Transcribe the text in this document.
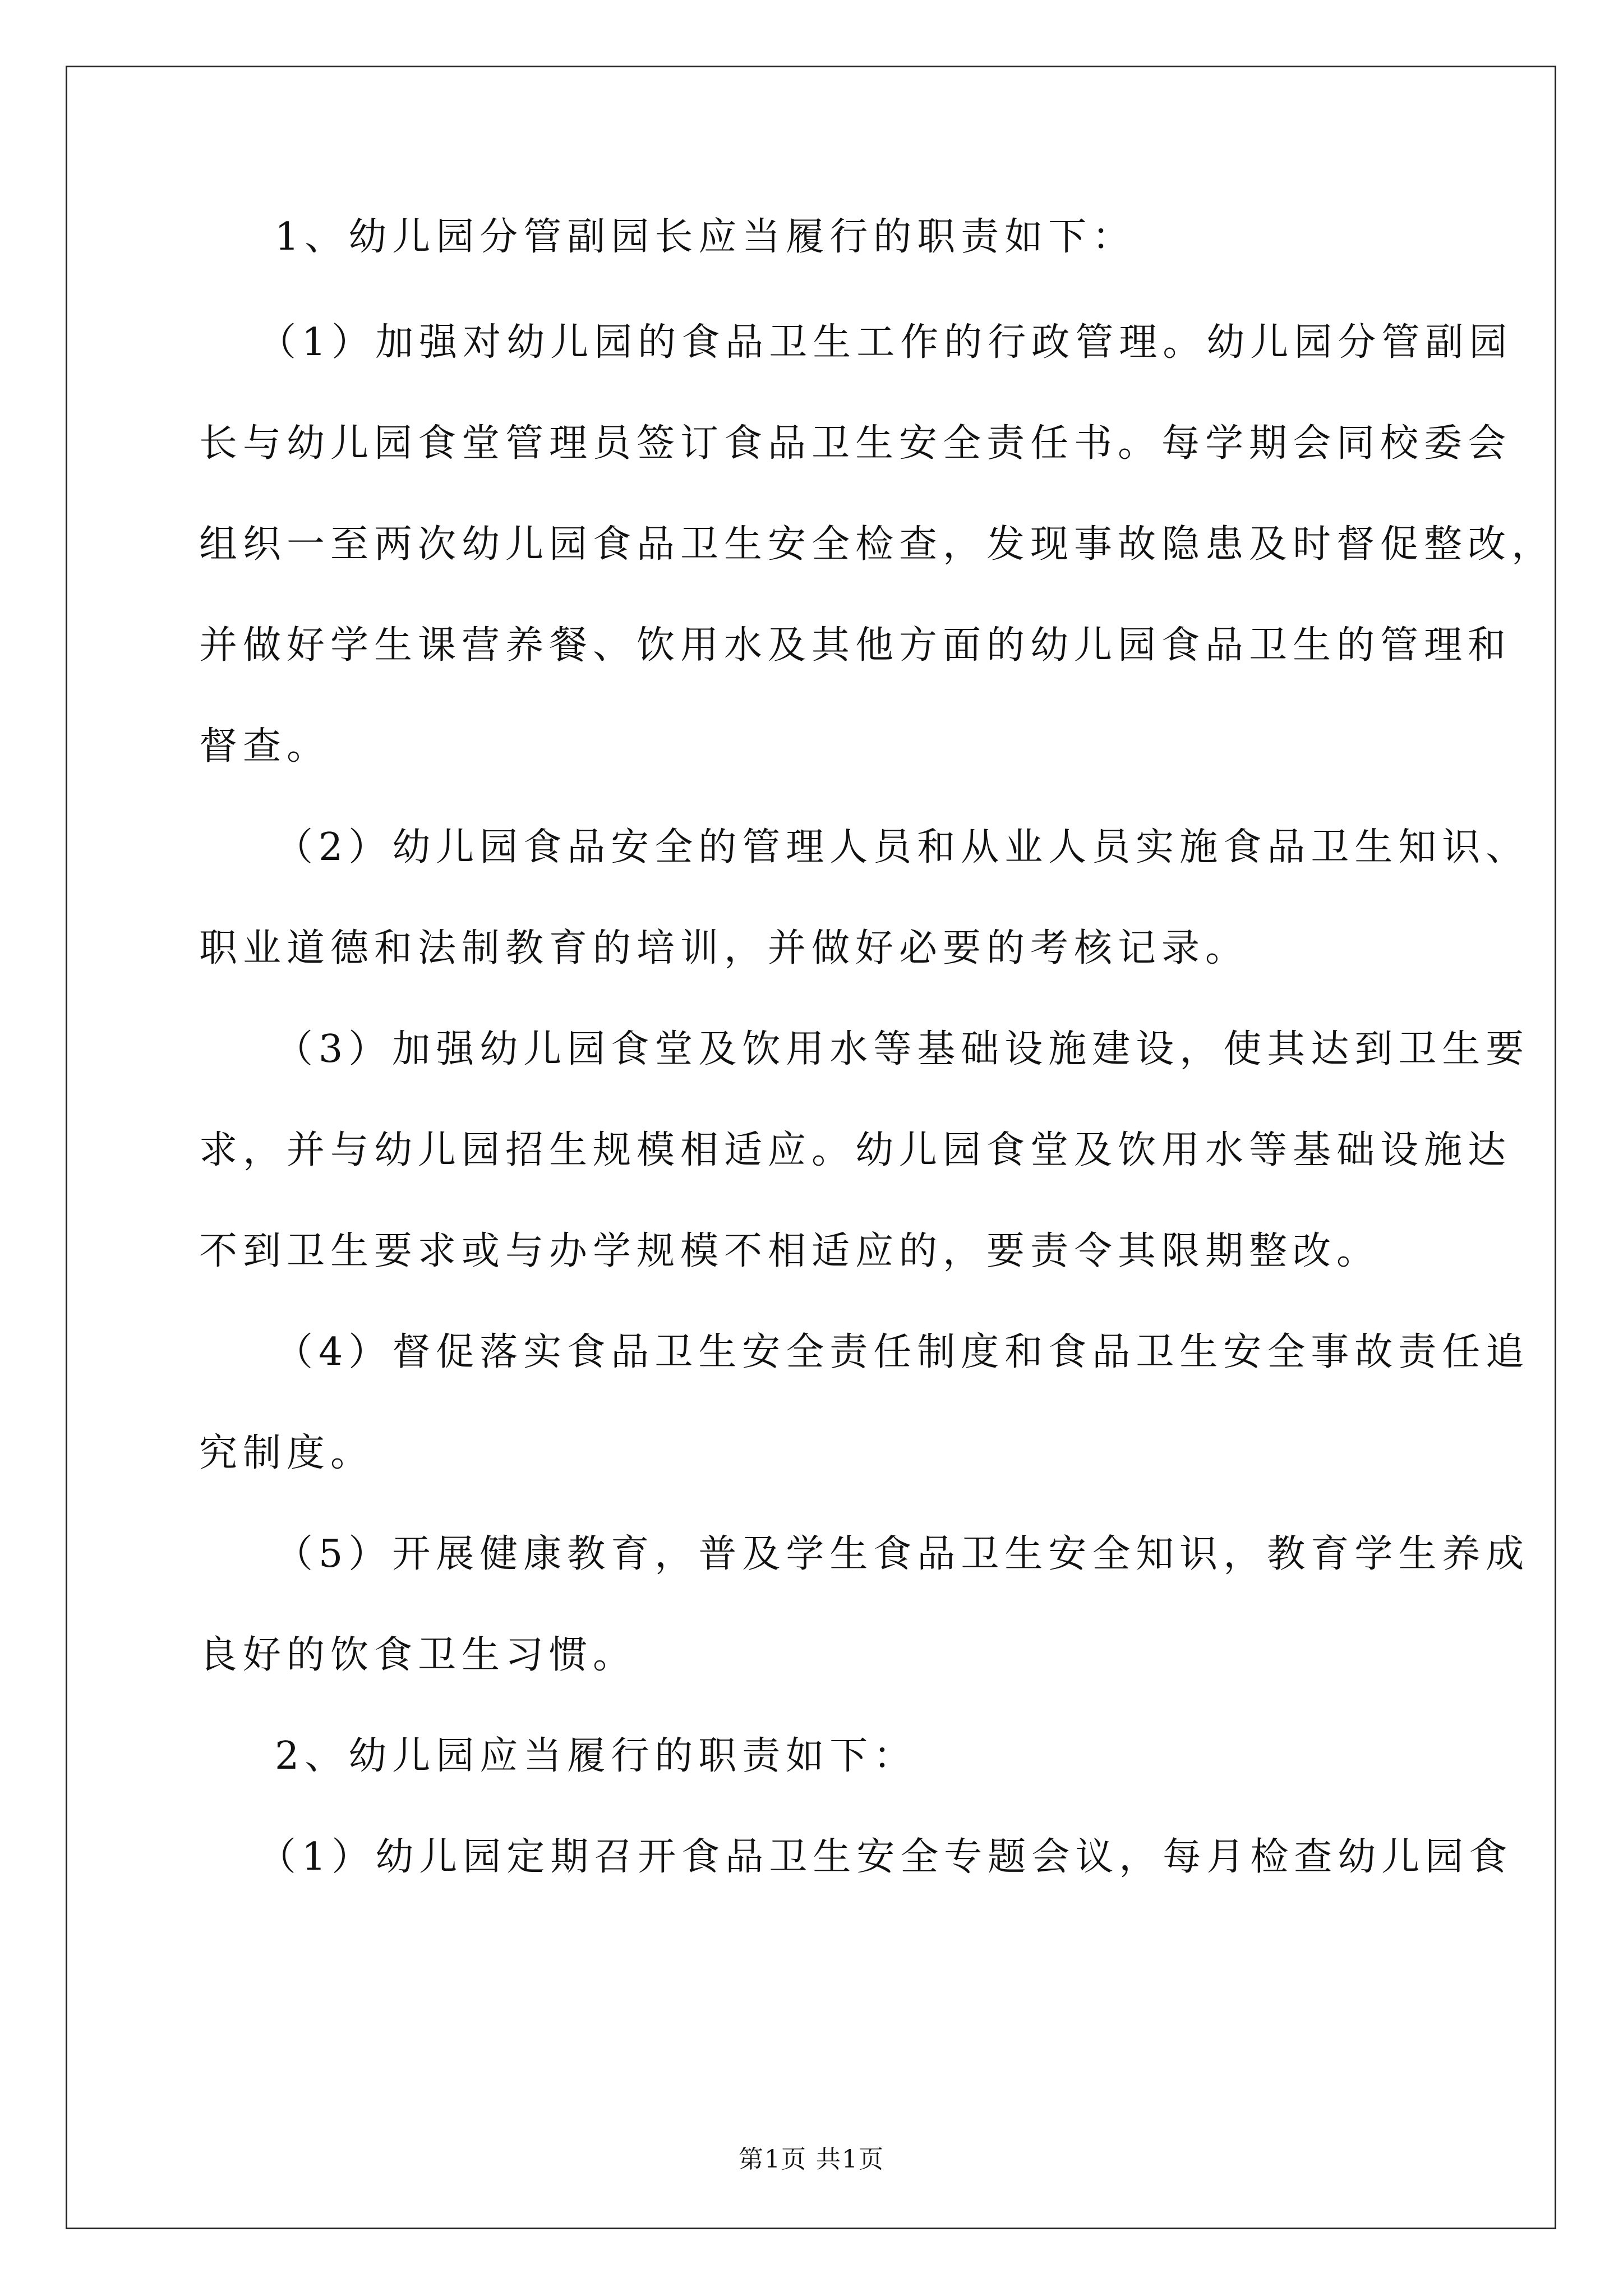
1、幼儿园分管副园长应当履行的职责如下：

（1）加强对幼儿园的食品卫生工作的行政管理。幼儿园分管副园

长与幼儿园食堂管理员签订食品卫生安全责任书。每学期会同校委会

组织一至两次幼儿园食品卫生安全检查，发现事故隐患及时督促整改，

并做好学生课营养餐、饮用水及其他方面的幼儿园食品卫生的管理和

督查。

（2）幼儿园食品安全的管理人员和从业人员实施食品卫生知识、

职业道德和法制教育的培训，并做好必要的考核记录。

（3）加强幼儿园食堂及饮用水等基础设施建设，使其达到卫生要

求，并与幼儿园招生规模相适应。幼儿园食堂及饮用水等基础设施达

不到卫生要求或与办学规模不相适应的，要责令其限期整改。

（4）督促落实食品卫生安全责任制度和食品卫生安全事故责任追

究制度。

（5）开展健康教育，普及学生食品卫生安全知识，教育学生养成

良好的饮食卫生习惯。

2、幼儿园应当履行的职责如下：

（1）幼儿园定期召开食品卫生安全专题会议，每月检查幼儿园食

第1页 共1页
